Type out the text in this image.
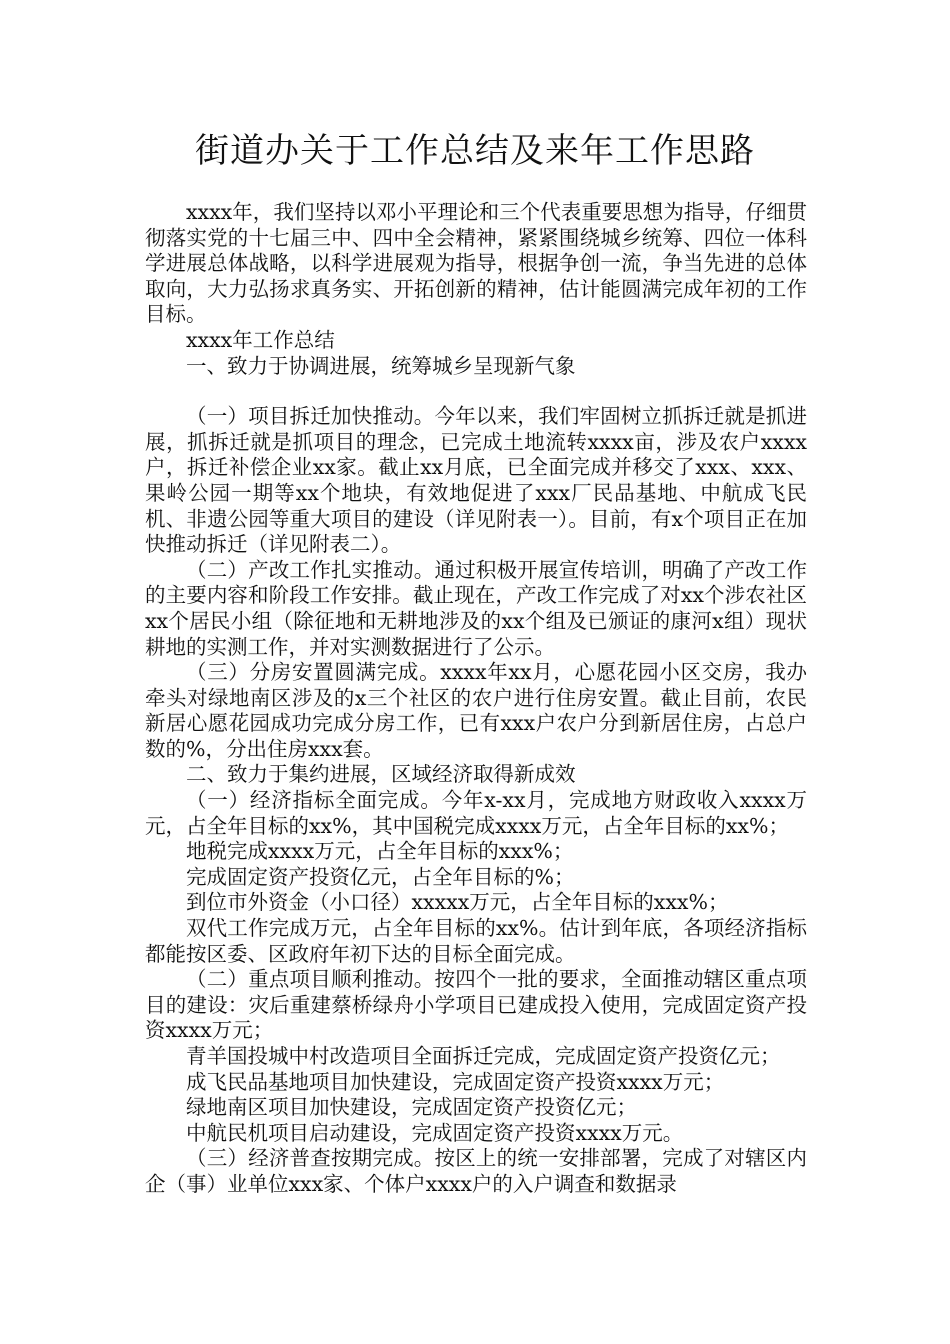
街道办关于工作总结及来年工作思路

xxxx年，我们坚持以邓小平理论和三个代表重要思想为指导，仔细贯彻落实党的十七届三中、四中全会精神，紧紧围绕城乡统筹、四位一体科学进展总体战略，以科学进展观为指导，根据争创一流，争当先进的总体取向，大力弘扬求真务实、开拓创新的精神，估计能圆满完成年初的工作目标。

xxxx年工作总结

一、致力于协调进展，统筹城乡呈现新气象

（一）项目拆迁加快推动。今年以来，我们牢固树立抓拆迁就是抓进展，抓拆迁就是抓项目的理念，已完成土地流转xxxx亩，涉及农户xxxx户，拆迁补偿企业xx家。截止xx月底，已全面完成并移交了xxx、xxx、果岭公园一期等xx个地块，有效地促进了xxx厂民品基地、中航成飞民机、非遗公园等重大项目的建设（详见附表一）。目前，有x个项目正在加快推动拆迁（详见附表二）。

（二）产改工作扎实推动。通过积极开展宣传培训，明确了产改工作的主要内容和阶段工作安排。截止现在，产改工作完成了对xx个涉农社区xx个居民小组（除征地和无耕地涉及的xx个组及已颁证的康河x组）现状耕地的实测工作，并对实测数据进行了公示。

（三）分房安置圆满完成。xxxx年xx月，心愿花园小区交房，我办牵头对绿地南区涉及的x三个社区的农户进行住房安置。截止目前，农民新居心愿花园成功完成分房工作，已有xxx户农户分到新居住房，占总户数的%，分出住房xxx套。

二、致力于集约进展，区域经济取得新成效

（一）经济指标全面完成。今年x-xx月，完成地方财政收入xxxx万元，占全年目标的xx%，其中国税完成xxxx万元，占全年目标的xx%；

地税完成xxxx万元，占全年目标的xxx%；

完成固定资产投资亿元，占全年目标的%；

到位市外资金（小口径）xxxxx万元，占全年目标的xxx%；

双代工作完成万元，占全年目标的xx%。估计到年底，各项经济指标都能按区委、区政府年初下达的目标全面完成。

（二）重点项目顺利推动。按四个一批的要求，全面推动辖区重点项目的建设：灾后重建蔡桥绿舟小学项目已建成投入使用，完成固定资产投资xxxx万元；

青羊国投城中村改造项目全面拆迁完成，完成固定资产投资亿元；

成飞民品基地项目加快建设，完成固定资产投资xxxx万元；

绿地南区项目加快建设，完成固定资产投资亿元；

中航民机项目启动建设，完成固定资产投资xxxx万元。

（三）经济普查按期完成。按区上的统一安排部署，完成了对辖区内企（事）业单位xxx家、个体户xxxx户的入户调查和数据录
